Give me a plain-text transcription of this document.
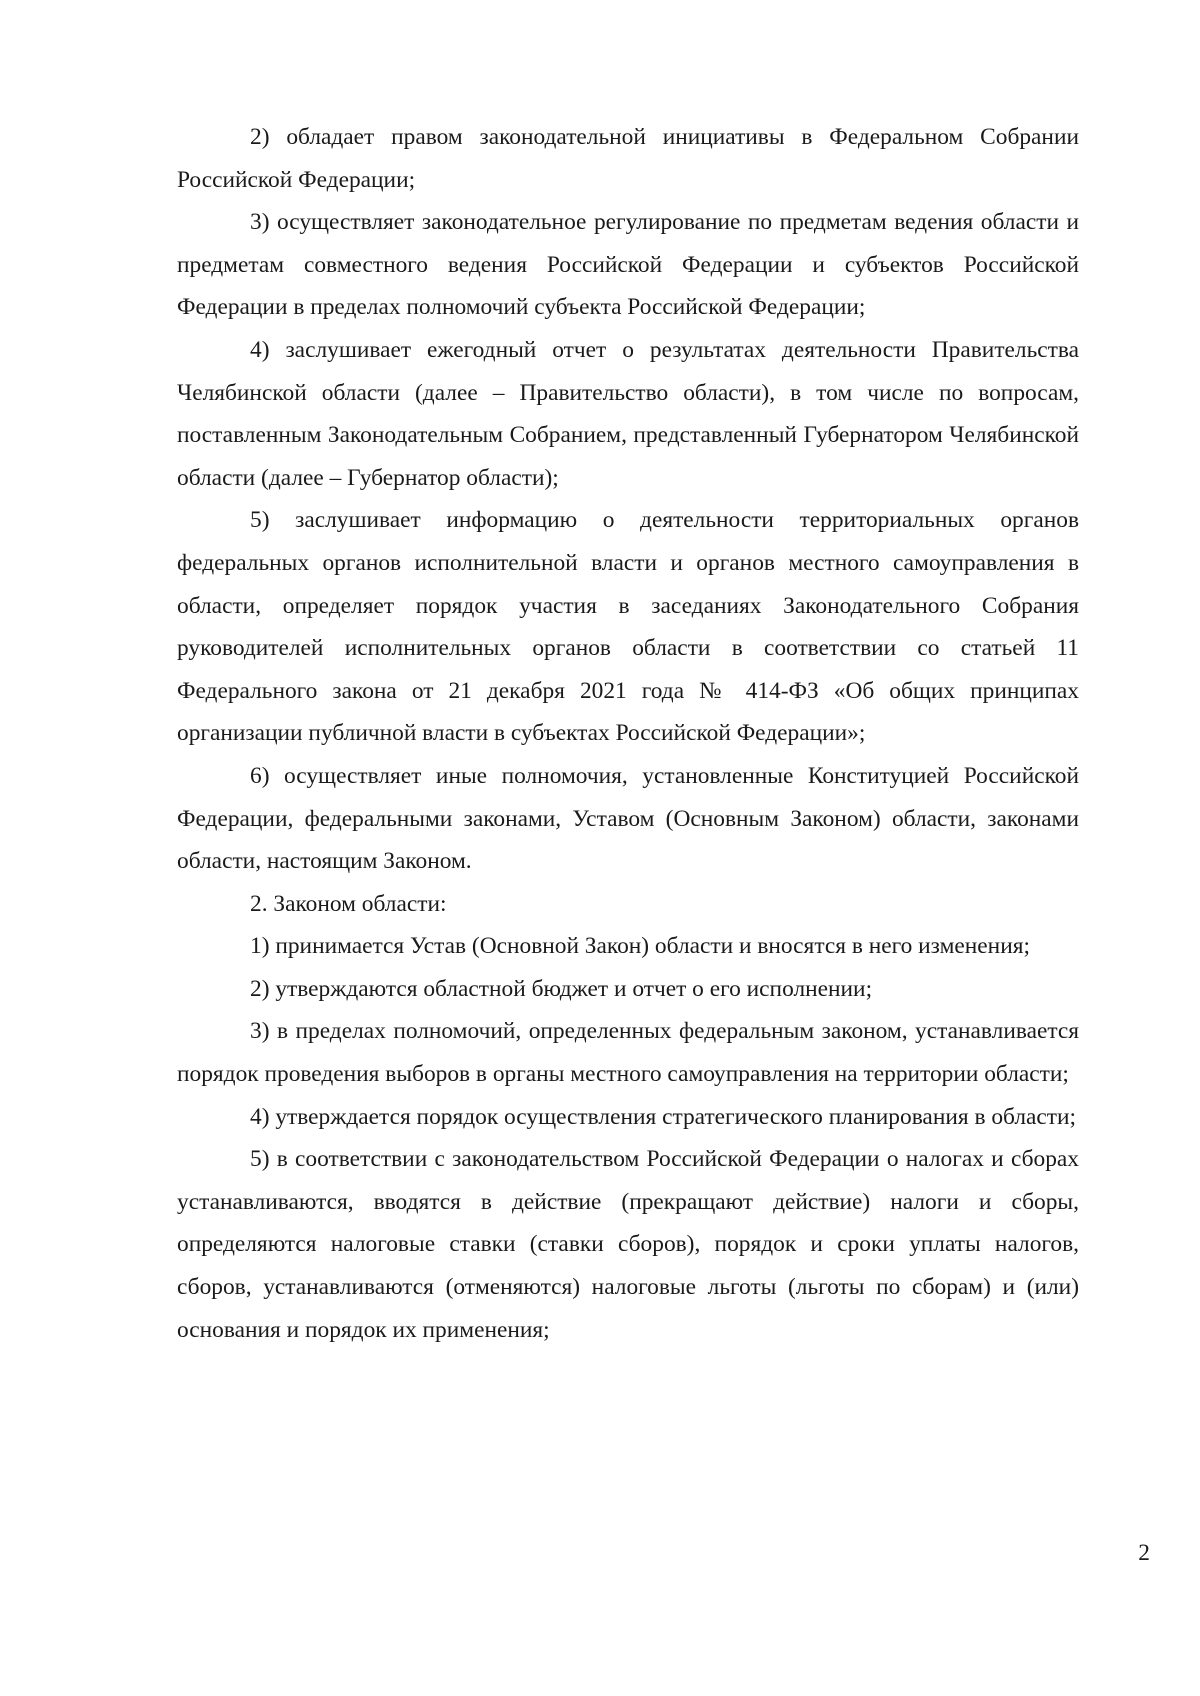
2) обладает правом законодательной инициативы в Федеральном Собрании Российской Федерации;

3) осуществляет законодательное регулирование по предметам ведения области и предметам совместного ведения Российской Федерации и субъектов Российской Федерации в пределах полномочий субъекта Российской Федерации;

4) заслушивает ежегодный отчет о результатах деятельности Правительства Челябинской области (далее – Правительство области), в том числе по вопросам, поставленным Законодательным Собранием, представленный Губернатором Челябинской области (далее – Губернатор области);

5) заслушивает информацию о деятельности территориальных органов федеральных органов исполнительной власти и органов местного самоуправления в области, определяет порядок участия в заседаниях Законодательного Собрания руководителей исполнительных органов области в соответствии со статьей 11 Федерального закона от 21 декабря 2021 года № 414-ФЗ «Об общих принципах организации публичной власти в субъектах Российской Федерации»;

6) осуществляет иные полномочия, установленные Конституцией Российской Федерации, федеральными законами, Уставом (Основным Законом) области, законами области, настоящим Законом.

2. Законом области:

1) принимается Устав (Основной Закон) области и вносятся в него изменения;

2) утверждаются областной бюджет и отчет о его исполнении;

3) в пределах полномочий, определенных федеральным законом, устанавливается порядок проведения выборов в органы местного самоуправления на территории области;

4) утверждается порядок осуществления стратегического планирования в области;

5) в соответствии с законодательством Российской Федерации о налогах и сборах устанавливаются, вводятся в действие (прекращают действие) налоги и сборы, определяются налоговые ставки (ставки сборов), порядок и сроки уплаты налогов, сборов, устанавливаются (отменяются) налоговые льготы (льготы по сборам) и (или) основания и порядок их применения;

2
